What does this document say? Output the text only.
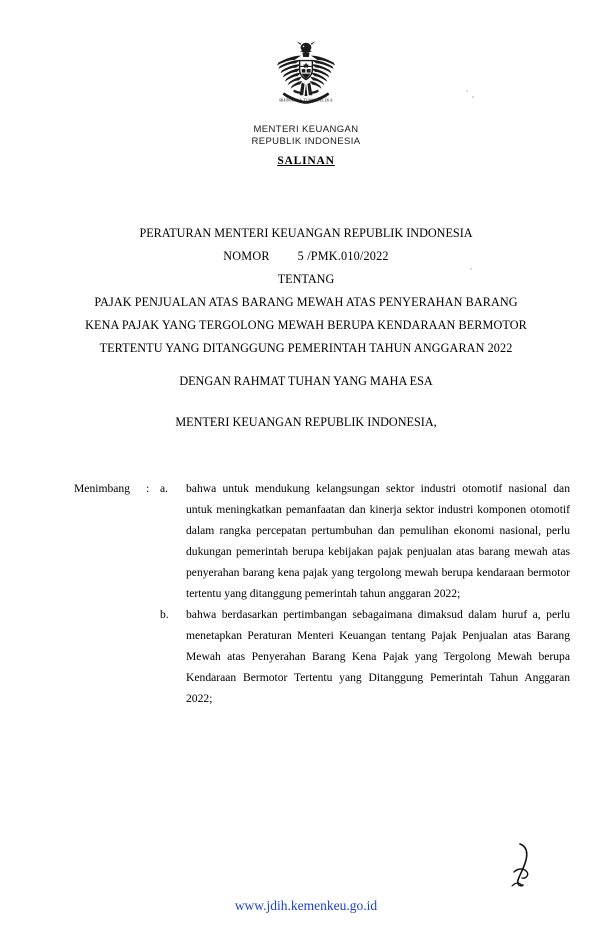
BHINNEKA TUNGGAL IKA
MENTERI KEUANGAN
REPUBLIK INDONESIA
SALINAN
PERATURAN MENTERI KEUANGAN REPUBLIK INDONESIA
NOMOR 5 /PMK.010/2022
TENTANG
PAJAK PENJUALAN ATAS BARANG MEWAH ATAS PENYERAHAN BARANG
KENA PAJAK YANG TERGOLONG MEWAH BERUPA KENDARAAN BERMOTOR
TERTENTU YANG DITANGGUNG PEMERINTAH TAHUN ANGGARAN 2022
DENGAN RAHMAT TUHAN YANG MAHA ESA
MENTERI KEUANGAN REPUBLIK INDONESIA,
Menimbang	: a.	bahwa untuk mendukung kelangsungan sektor industri otomotif nasional dan untuk meningkatkan pemanfaatan dan kinerja sektor industri komponen otomotif dalam rangka percepatan pertumbuhan dan pemulihan ekonomi nasional, perlu dukungan pemerintah berupa kebijakan pajak penjualan atas barang mewah atas penyerahan barang kena pajak yang tergolong mewah berupa kendaraan bermotor tertentu yang ditanggung pemerintah tahun anggaran 2022;
b.	bahwa berdasarkan pertimbangan sebagaimana dimaksud dalam huruf a, perlu menetapkan Peraturan Menteri Keuangan tentang Pajak Penjualan atas Barang Mewah atas Penyerahan Barang Kena Pajak yang Tergolong Mewah berupa Kendaraan Bermotor Tertentu yang Ditanggung Pemerintah Tahun Anggaran 2022;
www.jdih.kemenkeu.go.id
